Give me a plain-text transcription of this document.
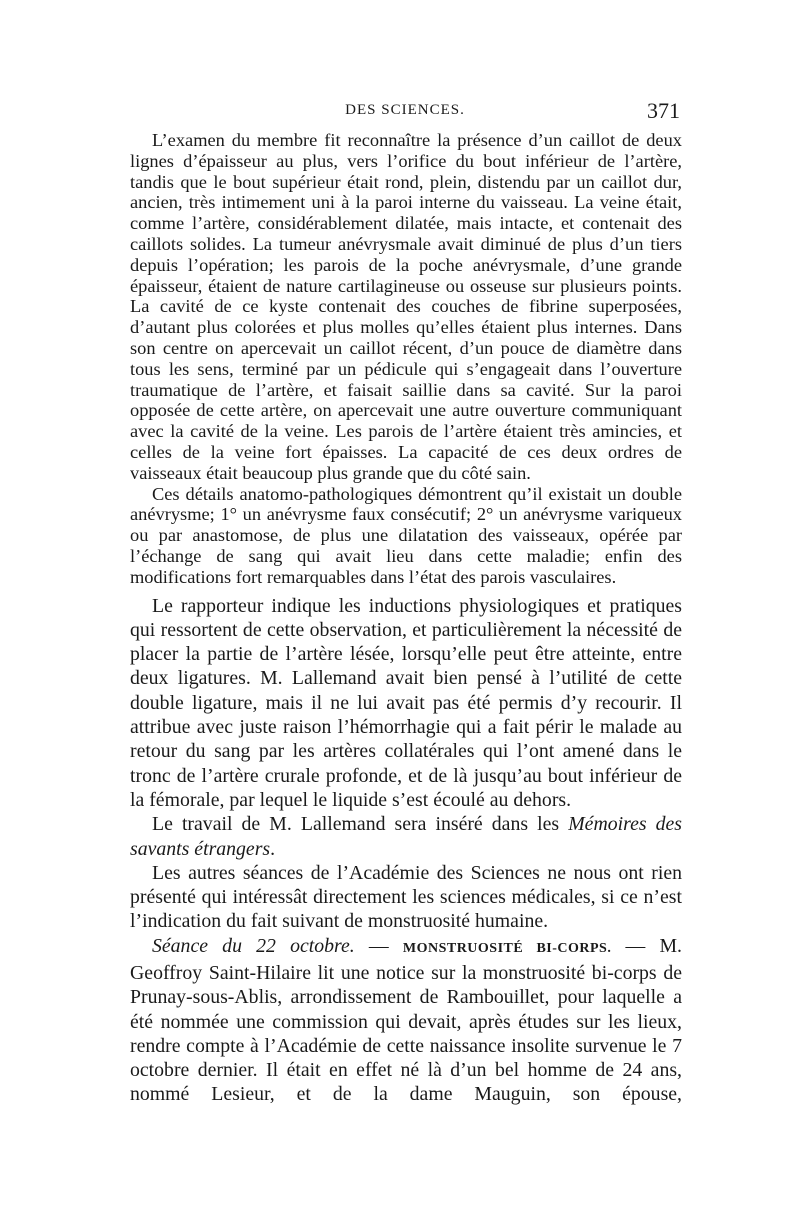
DES SCIENCES.	371

L’examen du membre fit reconnaître la présence d’un caillot de deux lignes d’épaisseur au plus, vers l’orifice du bout inférieur de l’artère, tandis que le bout supérieur était rond, plein, distendu par un caillot dur, ancien, très intimement uni à la paroi interne du vaisseau. La veine était, comme l’artère, considérablement dilatée, mais intacte, et contenait des caillots solides. La tumeur anévrysmale avait diminué de plus d’un tiers depuis l’opération; les parois de la poche anévrysmale, d’une grande épaisseur, étaient de nature cartilagineuse ou osseuse sur plusieurs points. La cavité de ce kyste contenait des couches de fibrine superposées, d’autant plus colorées et plus molles qu’elles étaient plus internes. Dans son centre on apercevait un caillot récent, d’un pouce de diamètre dans tous les sens, terminé par un pédicule qui s’engageait dans l’ouverture traumatique de l’artère, et faisait saillie dans sa cavité. Sur la paroi opposée de cette artère, on apercevait une autre ouverture communiquant avec la cavité de la veine. Les parois de l’artère étaient très amincies, et celles de la veine fort épaisses. La capacité de ces deux ordres de vaisseaux était beaucoup plus grande que du côté sain.

Ces détails anatomo-pathologiques démontrent qu’il existait un double anévrysme; 1° un anévrysme faux consécutif; 2° un anévrysme variqueux ou par anastomose, de plus une dilatation des vaisseaux, opérée par l’échange de sang qui avait lieu dans cette maladie; enfin des modifications fort remarquables dans l’état des parois vasculaires.

Le rapporteur indique les inductions physiologiques et pratiques qui ressortent de cette observation, et particulièrement la nécessité de placer la partie de l’artère lésée, lorsqu’elle peut être atteinte, entre deux ligatures. M. Lallemand avait bien pensé à l’utilité de cette double ligature, mais il ne lui avait pas été permis d’y recourir. Il attribue avec juste raison l’hémorrhagie qui a fait périr le malade au retour du sang par les artères collatérales qui l’ont amené dans le tronc de l’artère crurale profonde, et de là jusqu’au bout inférieur de la fémorale, par lequel le liquide s’est écoulé au dehors.

Le travail de M. Lallemand sera inséré dans les Mémoires des savants étrangers.

Les autres séances de l’Académie des Sciences ne nous ont rien présenté qui intéressât directement les sciences médicales, si ce n’est l’indication du fait suivant de monstruosité humaine.

Séance du 22 octobre. — MONSTRUOSITÉ BI-CORPS. — M. Geoffroy Saint-Hilaire lit une notice sur la monstruosité bi-corps de Prunay-sous-Ablis, arrondissement de Rambouillet, pour laquelle a été nommée une commission qui devait, après études sur les lieux, rendre compte à l’Académie de cette naissance insolite survenue le 7 octobre dernier. Il était en effet né là d’un bel homme de 24 ans, nommé Lesieur, et de la dame Mauguin, son épouse,
